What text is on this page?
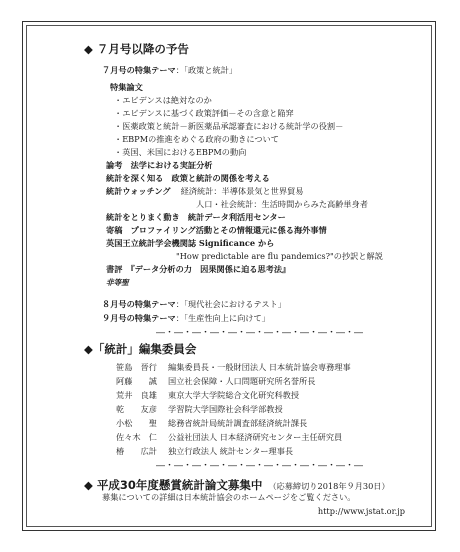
◆ ７月号以降の予告
７月号の特集テーマ：「政策と統計」
特集論文
・エビデンスは絶対なのか
・エビデンスに基づく政策評価－その含意と陥穽
・医薬政策と統計－新医薬品承認審査における統計学の役割－
・EBPMの推進をめぐる政府の動きについて
・英国、米国におけるEBPMの動向
論考　法学における実証分析
統計を深く知る　政策と統計の関係を考える
統計ウォッチング 経済統計：半導体景気と世界貿易
人口・社会統計：生活時間からみた高齢単身者
統計をとりまく動き　統計データ利活用センター
寄稿　プロファイリング活動とその情報還元に係る海外事情
英国王立統計学会機関誌 Significance から
"How predictable are flu pandemics?"の抄訳と解説
書評　『データ分析の力　因果関係に迫る思考法』
非等聖
８月号の特集テーマ：「現代社会におけるテスト」
９月号の特集テーマ：「生産性向上に向けて」
―・―・―・―・―・―・―・―・―・―・―・―
◆「統計」編集委員会
笹島　晉行 編集委員長・一般財団法人 日本統計協会専務理事
阿藤　　誠 国立社会保障・人口問題研究所名誉所長
荒井　良雄 東京大学大学院総合文化研究科教授
乾　　友彦 学習院大学国際社会科学部教授
小松　　聖 総務省統計局統計調査部経済統計課長
佐々木　仁 公益社団法人 日本経済研究センター主任研究員
椿　　広計 独立行政法人 統計センター理事長
―・―・―・―・―・―・―・―・―・―・―・―
◆ 平成30年度懸賞統計論文募集中 （応募締切り2018年９月30日）
募集についての詳細は日本統計協会のホームページをご覧ください。
http://www.jstat.or.jp
